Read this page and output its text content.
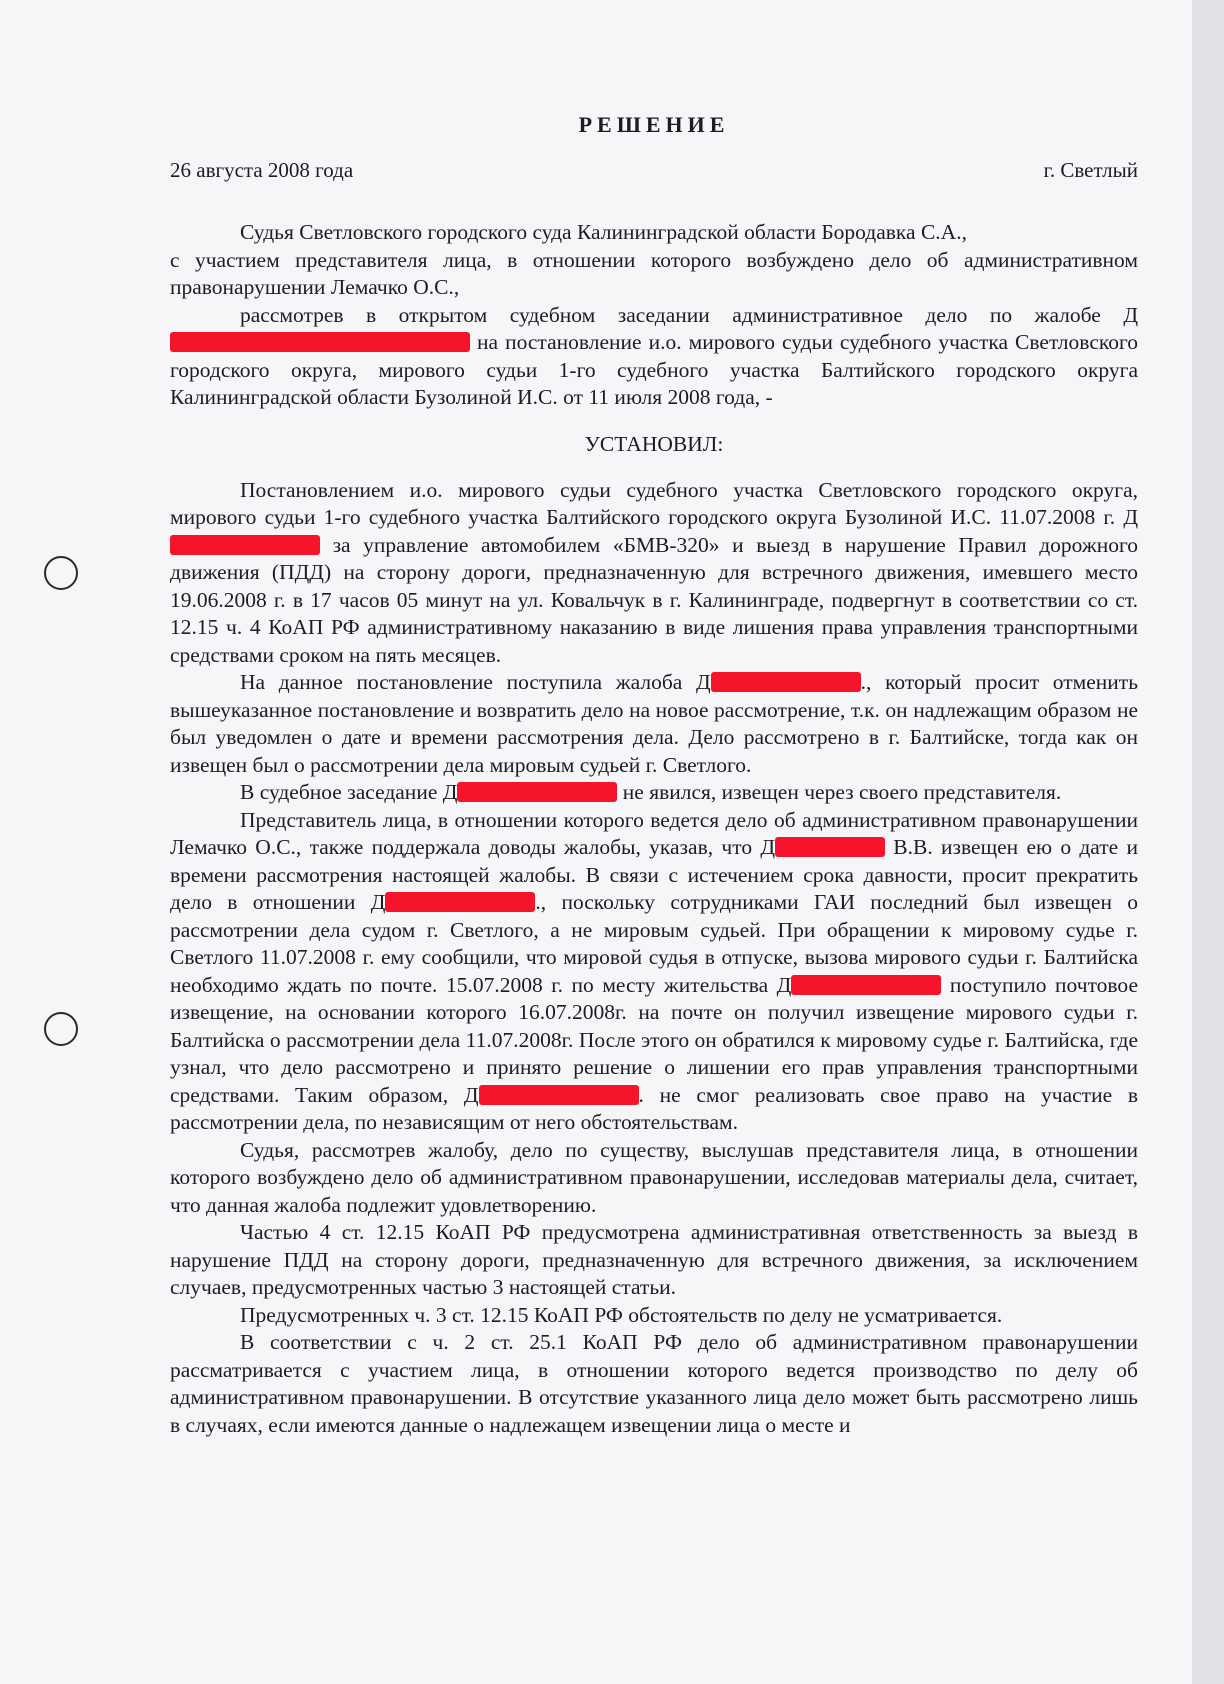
РЕШЕНИЕ
26 августа 2008 года	г. Светлый

Судья Светловского городского суда Калининградской области Бородавка С.А.,

с участием представителя лица, в отношении которого возбуждено дело об административном правонарушении Лемачко О.С.,

рассмотрев в открытом судебном заседании административное дело по жалобе Д на постановление и.о. мирового судьи судебного участка Светловского городского округа, мирового судьи 1-го судебного участка Балтийского городского округа Калининградской области Бузолиной И.С. от 11 июля 2008 года, -

УСТАНОВИЛ:

Постановлением и.о. мирового судьи судебного участка Светловского городского округа, мирового судьи 1-го судебного участка Балтийского городского округа Бузолиной И.С. 11.07.2008 г. Д за управление автомобилем «БМВ-320» и выезд в нарушение Правил дорожного движения (ПДД) на сторону дороги, предназначенную для встречного движения, имевшего место 19.06.2008 г. в 17 часов 05 минут на ул. Ковальчук в г. Калининграде, подвергнут в соответствии со ст. 12.15 ч. 4 КоАП РФ административному наказанию в виде лишения права управления транспортными средствами сроком на пять месяцев.

На данное постановление поступила жалоба Д	., который просит отменить вышеуказанное постановление и возвратить дело на новое рассмотрение, т.к. он надлежащим образом не был уведомлен о дате и времени рассмотрения дела. Дело рассмотрено в г. Балтийске, тогда как он извещен был о рассмотрении дела мировым судьей г. Светлого.

В судебное заседание Д	не явился, извещен через своего представителя.

Представитель лица, в отношении которого ведется дело об административном правонарушении Лемачко О.С., также поддержала доводы жалобы, указав, что Д	В.В. извещен ею о дате и времени рассмотрения настоящей жалобы. В связи с истечением срока давности, просит прекратить дело в отношении Д	., поскольку сотрудниками ГАИ последний был извещен о рассмотрении дела судом г. Светлого, а не мировым судьей. При обращении к мировому судье г. Светлого 11.07.2008 г. ему сообщили, что мировой судья в отпуске, вызова мирового судьи г. Балтийска необходимо ждать по почте. 15.07.2008 г. по месту жительства Д	поступило почтовое извещение, на основании которого 16.07.2008г. на почте он получил извещение мирового судьи г. Балтийска о рассмотрении дела 11.07.2008г. После этого он обратился к мировому судье г. Балтийска, где узнал, что дело рассмотрено и принято решение о лишении его прав управления транспортными средствами. Таким образом, Д	. не смог реализовать свое право на участие в рассмотрении дела, по независящим от него обстоятельствам.

Судья, рассмотрев жалобу, дело по существу, выслушав представителя лица, в отношении которого возбуждено дело об административном правонарушении, исследовав материалы дела, считает, что данная жалоба подлежит удовлетворению.

Частью 4 ст. 12.15 КоАП РФ предусмотрена административная ответственность за выезд в нарушение ПДД на сторону дороги, предназначенную для встречного движения, за исключением случаев, предусмотренных частью 3 настоящей статьи.

Предусмотренных ч. 3 ст. 12.15 КоАП РФ обстоятельств по делу не усматривается.

В соответствии с ч. 2 ст. 25.1 КоАП РФ дело об административном правонарушении рассматривается с участием лица, в отношении которого ведется производство по делу об административном правонарушении. В отсутствие указанного лица дело может быть рассмотрено лишь в случаях, если имеются данные о надлежащем извещении лица о месте и
